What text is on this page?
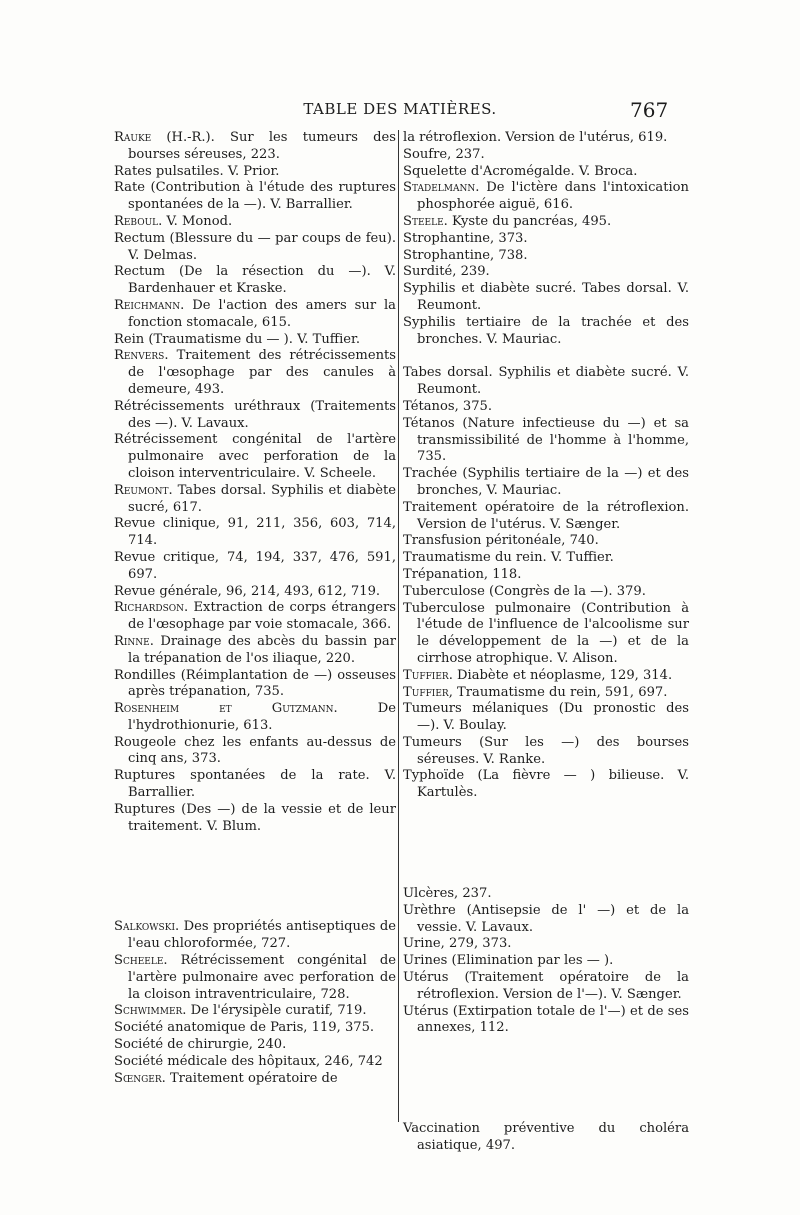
TABLE DES MATIÈRES.	767

Rauke (H.-R.). Sur les tumeurs des bourses séreuses, 223.

Rates pulsatiles. V. Prior.

Rate (Contribution à l'étude des ruptures spontanées de la —). V. Barrallier.

Reboul. V. Monod.

Rectum (Blessure du — par coups de feu). V. Delmas.

Rectum (De la résection du —). V. Bardenhauer et Kraske.

Reichmann. De l'action des amers sur la fonction stomacale, 615.

Rein (Traumatisme du — ). V. Tuffier.

Renvers. Traitement des rétrécissements de l'œsophage par des canules à demeure, 493.

Rétrécissements uréthraux (Traitements des —). V. Lavaux.

Rétrécissement congénital de l'artère pulmonaire avec perforation de la cloison interventriculaire. V. Scheele.

Reumont. Tabes dorsal. Syphilis et diabète sucré, 617.

Revue clinique, 91, 211, 356, 603, 714, 714.

Revue critique, 74, 194, 337, 476, 591, 697.

Revue générale, 96, 214, 493, 612, 719.

Richardson. Extraction de corps étrangers de l'œsophage par voie stomacale, 366.

Rinne. Drainage des abcès du bassin par la trépanation de l'os iliaque, 220.

Rondilles (Réimplantation de —) osseuses après trépanation, 735.

Rosenheim et Gutzmann.	De l'hydrothionurie, 613.

Rougeole chez les enfants au-dessus de cinq ans, 373.

Ruptures spontanées de la rate. V. Barrallier.

Ruptures (Des —) de la vessie et de leur traitement. V. Blum.

Salkowski. Des propriétés antiseptiques de l'eau chloroformée, 727.

Scheele. Rétrécissement congénital de l'artère pulmonaire avec perforation de la cloison intraventriculaire, 728.

Schwimmer. De l'érysipèle curatif, 719.

Société anatomique de Paris, 119, 375.

Société de chirurgie, 240.

Société médicale des hôpitaux, 246, 742

Sœnger. Traitement opératoire de

la rétroflexion. Version de l'utérus, 619.

Soufre, 237.

Squelette d'Acromégalde. V. Broca.

Stadelmann. De l'ictère dans l'intoxication phosphorée aiguë, 616.

Steele. Kyste du pancréas, 495.

Strophantine, 373.

Strophantine, 738.

Surdité, 239.

Syphilis et diabète sucré. Tabes dorsal. V. Reumont.

Syphilis tertiaire de la trachée et des bronches. V. Mauriac.

Tabes dorsal. Syphilis et diabète sucré. V. Reumont.

Tétanos, 375.

Tétanos (Nature infectieuse du —) et sa transmissibilité de l'homme à l'homme, 735.

Trachée (Syphilis tertiaire de la —) et des bronches, V. Mauriac.

Traitement opératoire de la rétroflexion. Version de l'utérus. V. Sænger.

Transfusion péritonéale, 740.

Traumatisme du rein. V. Tuffier.

Trépanation, 118.

Tuberculose (Congrès de la —). 379.

Tuberculose pulmonaire (Contribution à l'étude de l'influence de l'alcoolisme sur le développement de la —) et de la cirrhose atrophique. V. Alison.

Tuffier. Diabète et néoplasme, 129, 314.

Tuffier, Traumatisme du rein, 591, 697.

Tumeurs mélaniques (Du pronostic des —). V. Boulay.

Tumeurs (Sur les —) des bourses séreuses. V. Ranke.

Typhoïde (La fièvre — ) bilieuse. V. Kartulès.

Ulcères, 237.

Urèthre (Antisepsie de l' —) et de la vessie. V. Lavaux.

Urine, 279, 373.

Urines (Elimination par les — ).

Utérus (Traitement opératoire de la rétroflexion. Version de l'—). V. Sænger.

Utérus (Extirpation totale de l'—) et de ses annexes, 112.

Vaccination préventive du choléra asiatique, 497.
